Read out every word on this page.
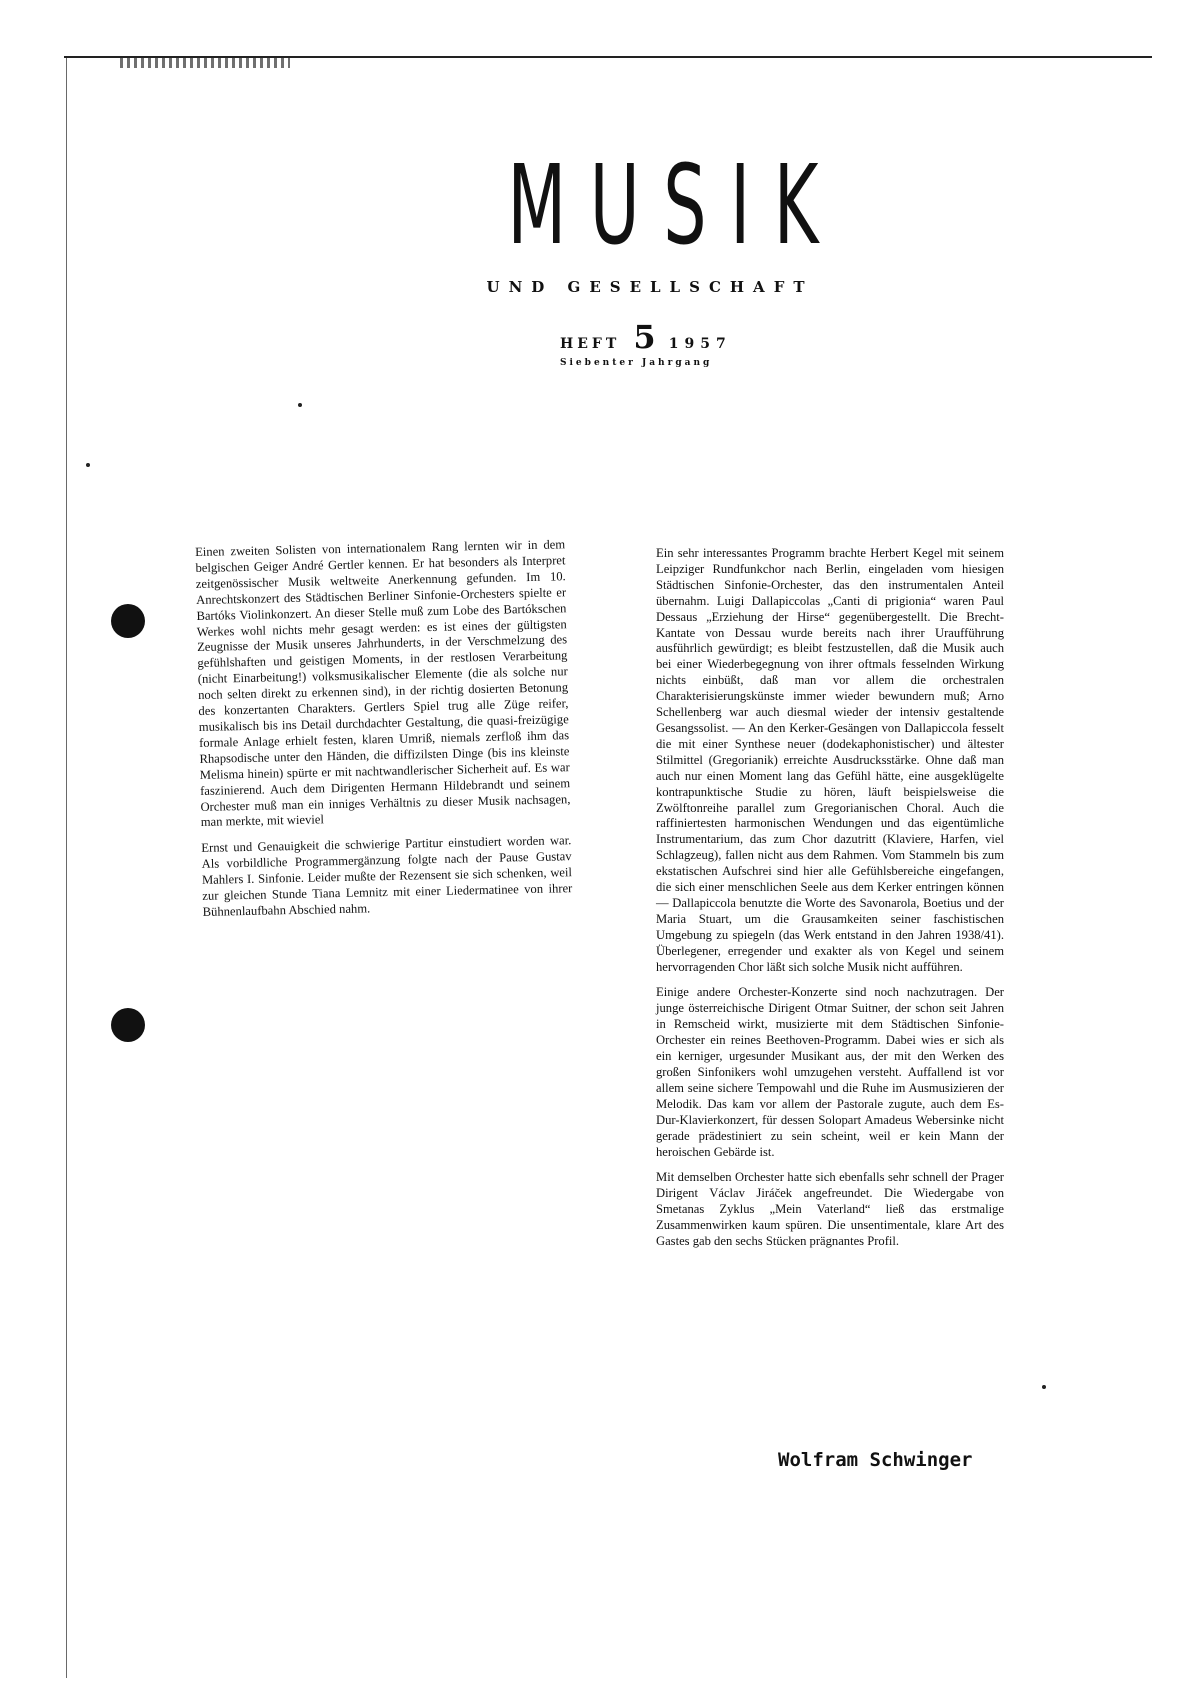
MUSIK
UND GESELLSCHAFT
HEFT 5 1957
Siebenter Jahrgang

Einen zweiten Solisten von internationalem Rang lernten wir in dem belgischen Geiger André Gertler kennen. Er hat besonders als Interpret zeitgenössischer Musik weltweite Anerkennung gefunden. Im 10. Anrechtskonzert des Städtischen Berliner Sinfonie-Orchesters spielte er Bartóks Violinkonzert. An dieser Stelle muß zum Lobe des Bartókschen Werkes wohl nichts mehr gesagt werden: es ist eines der gültigsten Zeugnisse der Musik unseres Jahrhunderts, in der Verschmelzung des gefühlshaften und geistigen Moments, in der restlosen Verarbeitung (nicht Einarbeitung!) volksmusikalischer Elemente (die als solche nur noch selten direkt zu erkennen sind), in der richtig dosierten Betonung des konzertanten Charakters. Gertlers Spiel trug alle Züge reifer, musikalisch bis ins Detail durchdachter Gestaltung, die quasi-freizügige formale Anlage erhielt festen, klaren Umriß, niemals zerfloß ihm das Rhapsodische unter den Händen, die diffizilsten Dinge (bis ins kleinste Melisma hinein) spürte er mit nachtwandlerischer Sicherheit auf. Es war faszinierend. Auch dem Dirigenten Hermann Hildebrandt und seinem Orchester muß man ein inniges Verhältnis zu dieser Musik nachsagen, man merkte, mit wieviel

Ernst und Genauigkeit die schwierige Partitur einstudiert worden war. Als vorbildliche Programmergänzung folgte nach der Pause Gustav Mahlers I. Sinfonie. Leider mußte der Rezensent sie sich schenken, weil zur gleichen Stunde Tiana Lemnitz mit einer Liedermatinee von ihrer Bühnenlaufbahn Abschied nahm.

Ein sehr interessantes Programm brachte Herbert Kegel mit seinem Leipziger Rundfunkchor nach Berlin, eingeladen vom hiesigen Städtischen Sinfonie-Orchester, das den instrumentalen Anteil übernahm. Luigi Dallapiccolas „Canti di prigionia“ waren Paul Dessaus „Erziehung der Hirse“ gegenübergestellt. Die Brecht-Kantate von Dessau wurde bereits nach ihrer Uraufführung ausführlich gewürdigt; es bleibt festzustellen, daß die Musik auch bei einer Wiederbegegnung von ihrer oftmals fesselnden Wirkung nichts einbüßt, daß man vor allem die orchestralen Charakterisierungskünste immer wieder bewundern muß; Arno Schellenberg war auch diesmal wieder der intensiv gestaltende Gesangssolist. — An den Kerker-Gesängen von Dallapiccola fesselt die mit einer Synthese neuer (dodekaphonistischer) und ältester Stilmittel (Gregorianik) erreichte Ausdrucksstärke. Ohne daß man auch nur einen Moment lang das Gefühl hätte, eine ausgeklügelte kontrapunktische Studie zu hören, läuft beispielsweise die Zwölftonreihe parallel zum Gregorianischen Choral. Auch die raffiniertesten harmonischen Wendungen und das eigentümliche Instrumentarium, das zum Chor dazutritt (Klaviere, Harfen, viel Schlagzeug), fallen nicht aus dem Rahmen. Vom Stammeln bis zum ekstatischen Aufschrei sind hier alle Gefühlsbereiche eingefangen, die sich einer menschlichen Seele aus dem Kerker entringen können — Dallapiccola benutzte die Worte des Savonarola, Boetius und der Maria Stuart, um die Grausamkeiten seiner faschistischen Umgebung zu spiegeln (das Werk entstand in den Jahren 1938/41). Überlegener, erregender und exakter als von Kegel und seinem hervorragenden Chor läßt sich solche Musik nicht aufführen.

Einige andere Orchester-Konzerte sind noch nachzutragen. Der junge österreichische Dirigent Otmar Suitner, der schon seit Jahren in Remscheid wirkt, musizierte mit dem Städtischen Sinfonie-Orchester ein reines Beethoven-Programm. Dabei wies er sich als ein kerniger, urgesunder Musikant aus, der mit den Werken des großen Sinfonikers wohl umzugehen versteht. Auffallend ist vor allem seine sichere Tempowahl und die Ruhe im Ausmusizieren der Melodik. Das kam vor allem der Pastorale zugute, auch dem Es-Dur-Klavierkonzert, für dessen Solopart Amadeus Webersinke nicht gerade prädestiniert zu sein scheint, weil er kein Mann der heroischen Gebärde ist.

Mit demselben Orchester hatte sich ebenfalls sehr schnell der Prager Dirigent Václav Jiráček angefreundet. Die Wiedergabe von Smetanas Zyklus „Mein Vaterland“ ließ das erstmalige Zusammenwirken kaum spüren. Die unsentimentale, klare Art des Gastes gab den sechs Stücken prägnantes Profil.

Wolfram Schwinger
